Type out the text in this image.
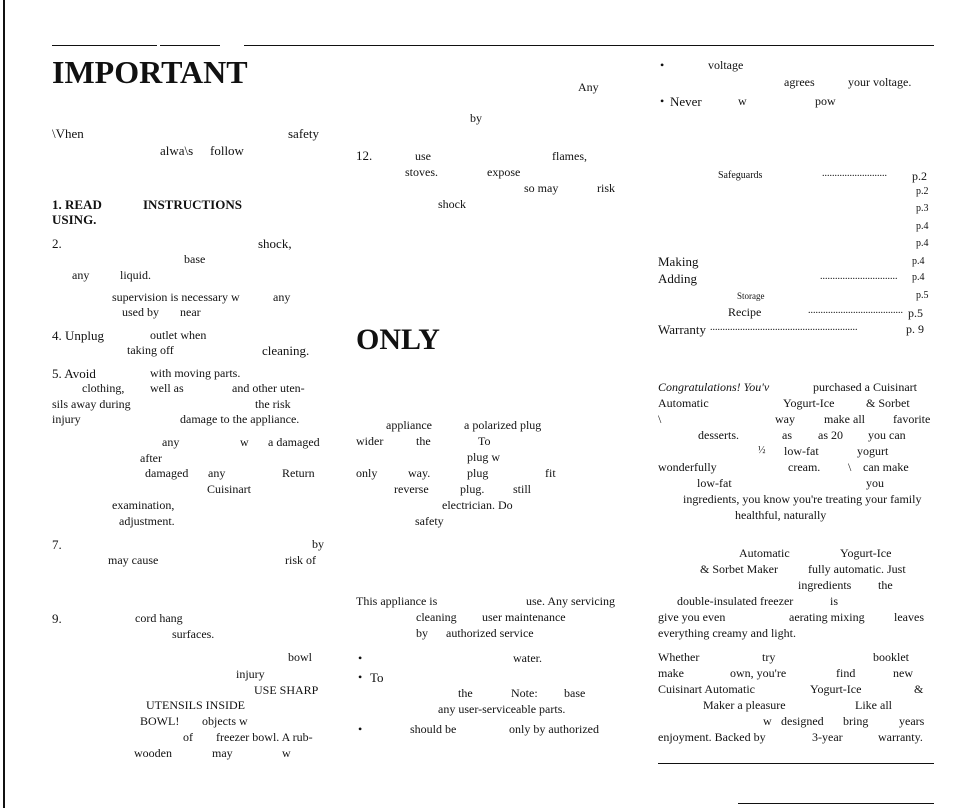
IMPORTANT
\Vhen	safety
alwa\s follow
1. READ	INSTRUCTIONS
USING.
2.	shock,
base
any	liquid.
supervision is necessary w	any
used by near
4. Unplug	outlet when
taking off	cleaning.
5. Avoid	with moving parts.
clothing, well as	and other uten-
sils away during	the risk
injury	damage to the appliance.
any	w a damaged
after
damaged any	Return
Cuisinart
examination,
adjustment.
7.	by
may cause	risk of
9.	cord hang
surfaces.
bowl
injury
USE SHARP
UTENSILS INSIDE
BOWL! objects w
of freezer bowl. A rub-
wooden	may	w
Any
by
12.	use	flames,
stoves.	expose
so may	risk
shock
ONLY
appliance	a polarized plug
wider	the	To
plug w
only	way.	plug	fit
reverse	plug. still
electrician. Do
safety
This appliance is	use. Any servicing
cleaning user maintenance
by authorized service
•	water.
• To
the	Note: base
any user-serviceable parts.
•	should be	only by authorized
•	voltage
agrees	your voltage.
• Never	w	pow
Safeguards	.......................... p.2
p.2
p.3
p.4
p.4
Making	p.4
Adding	............................... p.4
Storage	p.5
Recipe	...................................... p.5
Warranty ...........................................................	p. 9
Congratulations! You'v	purchased a Cuisinart
Automatic	Yogurt-Ice	& Sorbet
\	way make all favorite
desserts.	as as 20 you can
½ low-fat	yogurt
wonderfully	cream. \ can make
low-fat	you
ingredients, you know you're treating your family
healthful, naturally
Automatic	Yogurt-Ice
& Sorbet Maker	fully automatic. Just
ingredients the
double-insulated freezer	is
give you even	aerating mixing leaves
everything creamy and light.
Whether	try	booklet
make	own, you're	find	new
Cuisinart Automatic	Yogurt-Ice	&
Maker a pleasure	Like all
w designed bring	years
enjoyment. Backed by	3-year	warranty.
